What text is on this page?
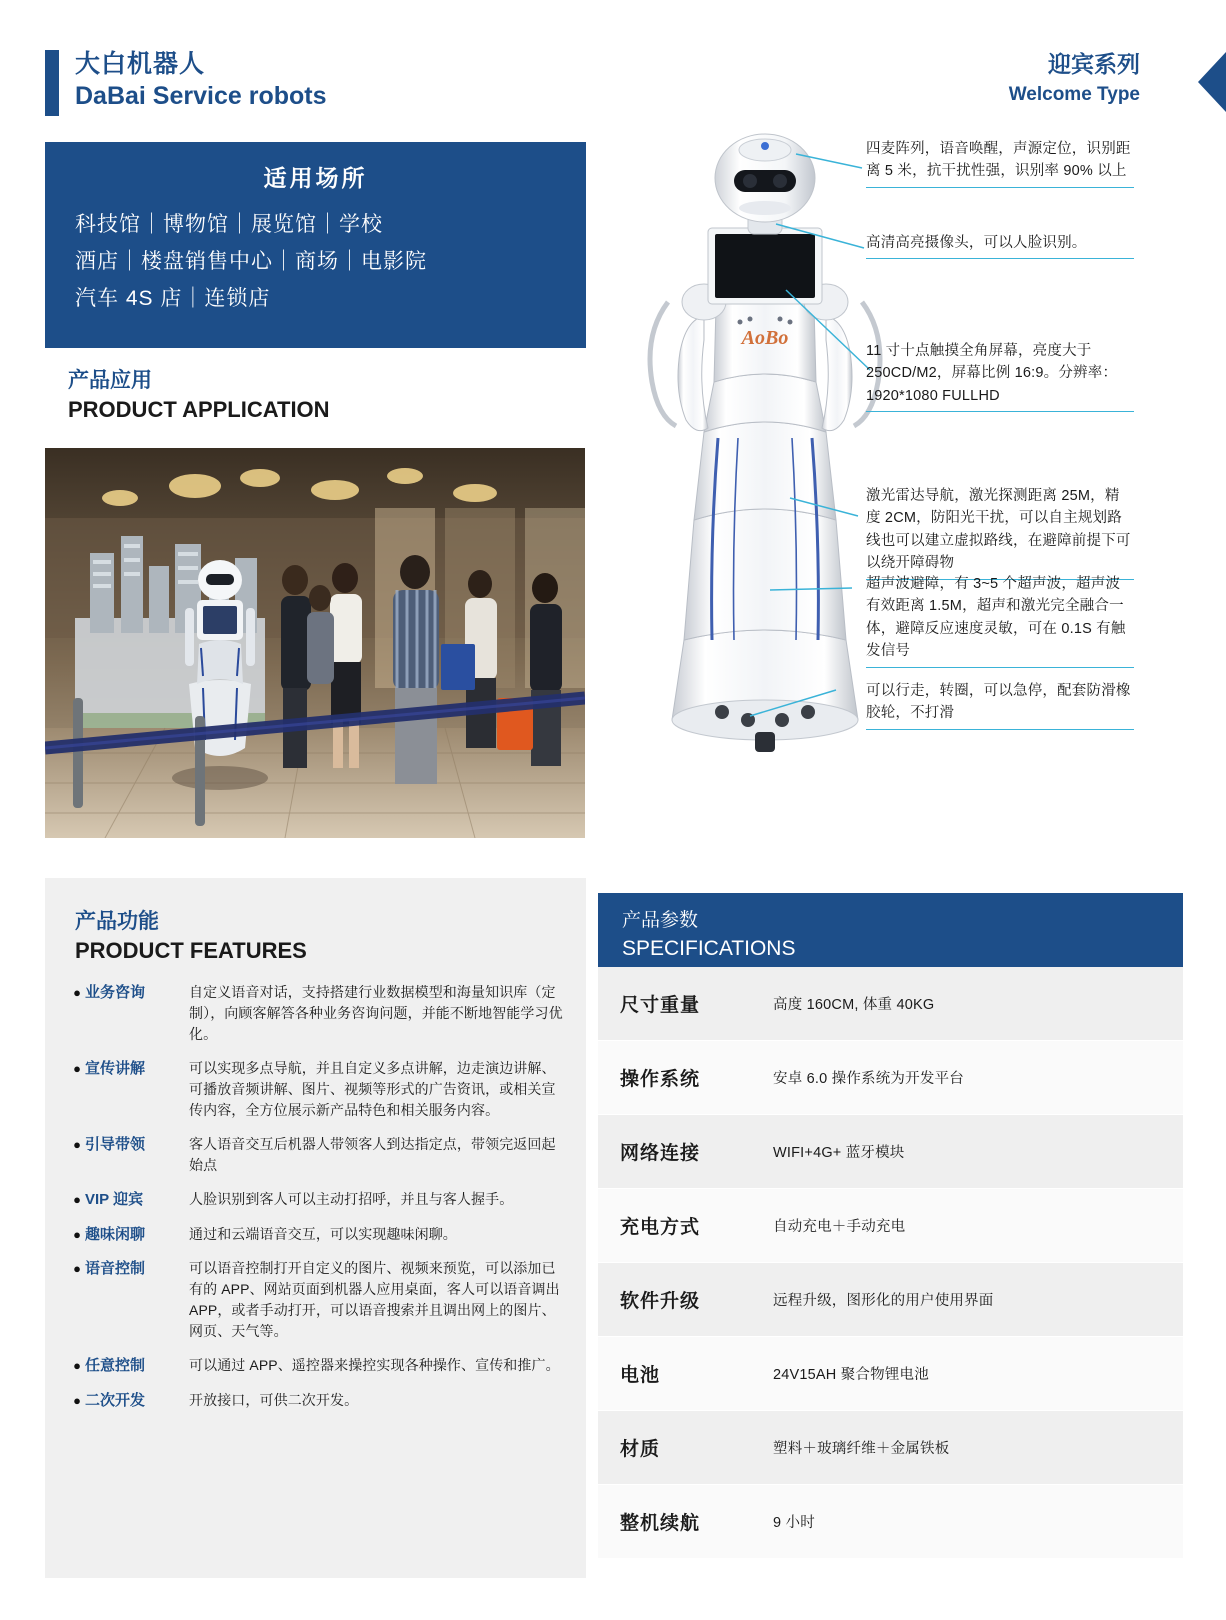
大白机器人
DaBai Service robots
迎宾系列
Welcome Type
适用场所
科技馆｜博物馆｜展览馆｜学校
酒店｜楼盘销售中心｜商场｜电影院
汽车 4S 店｜连锁店
产品应用
PRODUCT APPLICATION
AoBo
四麦阵列，语音唤醒，声源定位，识别距离 5 米，抗干扰性强，识别率 90% 以上
高清高亮摄像头，可以人脸识别。
11 寸十点触摸全角屏幕，亮度大于 250CD/M2，屏幕比例 16:9。分辨率：1920*1080 FULLHD
激光雷达导航，激光探测距离 25M，精度 2CM，防阳光干扰，可以自主规划路线也可以建立虚拟路线，在避障前提下可以绕开障碍物
超声波避障，有 3~5 个超声波，超声波有效距离 1.5M，超声和激光完全融合一体，避障反应速度灵敏，可在 0.1S 有触发信号
可以行走，转圈，可以急停，配套防滑橡胶轮，不打滑
产品功能
PRODUCT FEATURES
● 业务咨询	自定义语音对话，支持搭建行业数据模型和海量知识库（定制），向顾客解答各种业务咨询问题，并能不断地智能学习优化。
● 宣传讲解	可以实现多点导航，并且自定义多点讲解，边走演边讲解、可播放音频讲解、图片、视频等形式的广告资讯，或相关宣传内容，全方位展示新产品特色和相关服务内容。
● 引导带领	客人语音交互后机器人带领客人到达指定点，带领完返回起始点
● VIP 迎宾	人脸识别到客人可以主动打招呼，并且与客人握手。
● 趣味闲聊	通过和云端语音交互，可以实现趣味闲聊。
● 语音控制	可以语音控制打开自定义的图片、视频来预览，可以添加已有的 APP、网站页面到机器人应用桌面，客人可以语音调出 APP，或者手动打开，可以语音搜索并且调出网上的图片、网页、天气等。
● 任意控制	可以通过 APP、遥控器来操控实现各种操作、宣传和推广。
● 二次开发	开放接口，可供二次开发。
产品参数
SPECIFICATIONS
尺寸重量	高度 160CM, 体重 40KG
操作系统	安卓 6.0 操作系统为开发平台
网络连接	WIFI+4G+ 蓝牙模块
充电方式	自动充电＋手动充电
软件升级	远程升级，图形化的用户使用界面
电池	24V15AH 聚合物锂电池
材质	塑料＋玻璃纤维＋金属铁板
整机续航	9 小时
